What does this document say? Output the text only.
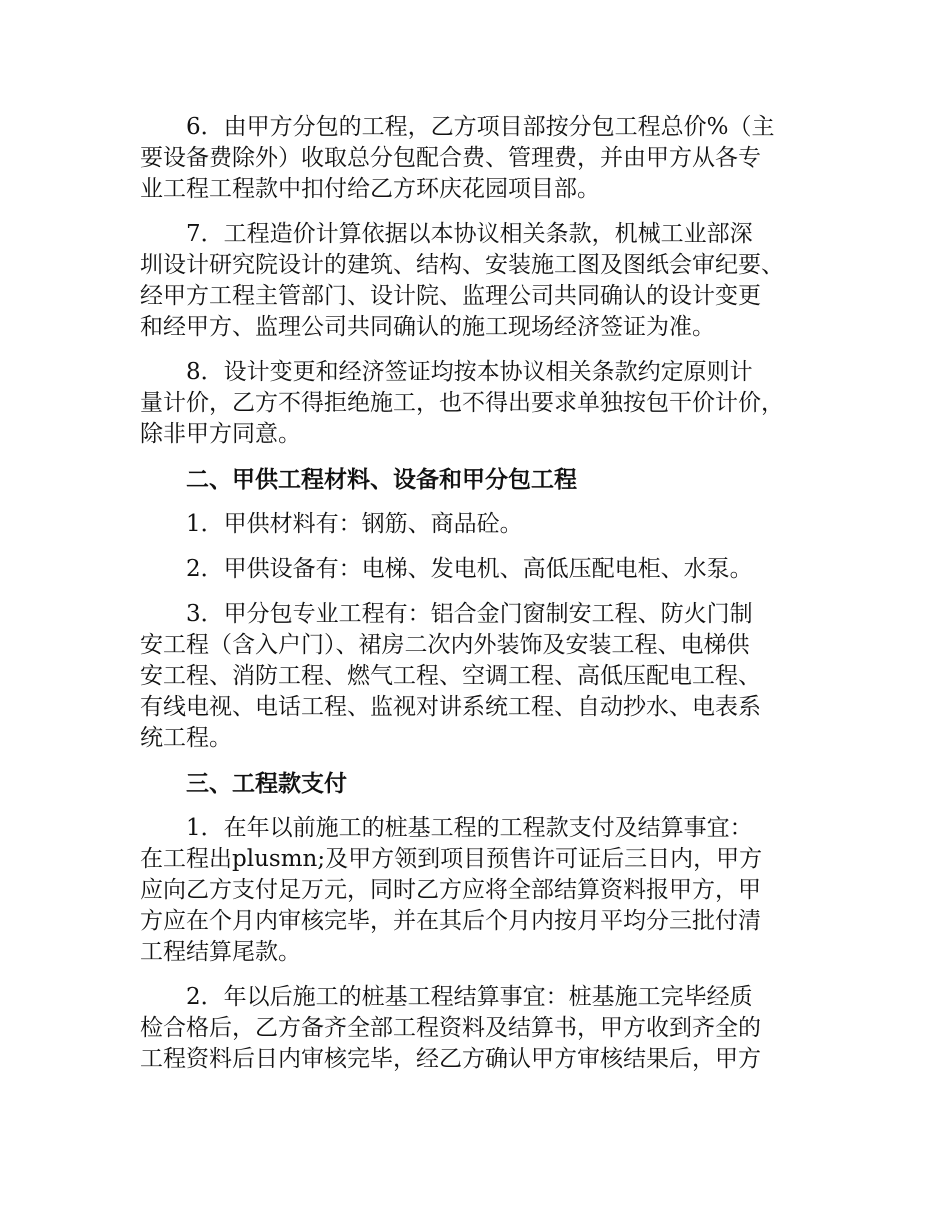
6．由甲方分包的工程，乙方项目部按分包工程总价%（主
要设备费除外）收取总分包配合费、管理费，并由甲方从各专
业工程工程款中扣付给乙方环庆花园项目部。

7．工程造价计算依据以本协议相关条款，机械工业部深
圳设计研究院设计的建筑、结构、安装施工图及图纸会审纪要、
经甲方工程主管部门、设计院、监理公司共同确认的设计变更
和经甲方、监理公司共同确认的施工现场经济签证为准。

8．设计变更和经济签证均按本协议相关条款约定原则计
量计价，乙方不得拒绝施工，也不得出要求单独按包干价计价，
除非甲方同意。

二、甲供工程材料、设备和甲分包工程

1．甲供材料有：钢筋、商品砼。

2．甲供设备有：电梯、发电机、高低压配电柜、水泵。

3．甲分包专业工程有：铝合金门窗制安工程、防火门制
安工程（含入户门）、裙房二次内外装饰及安装工程、电梯供
安工程、消防工程、燃气工程、空调工程、高低压配电工程、
有线电视、电话工程、监视对讲系统工程、自动抄水、电表系
统工程。

三、工程款支付

1．在年以前施工的桩基工程的工程款支付及结算事宜：
在工程出plusmn;及甲方领到项目预售许可证后三日内，甲方
应向乙方支付足万元，同时乙方应将全部结算资料报甲方，甲
方应在个月内审核完毕，并在其后个月内按月平均分三批付清
工程结算尾款。

2．年以后施工的桩基工程结算事宜：桩基施工完毕经质
检合格后，乙方备齐全部工程资料及结算书，甲方收到齐全的
工程资料后日内审核完毕，经乙方确认甲方审核结果后，甲方
